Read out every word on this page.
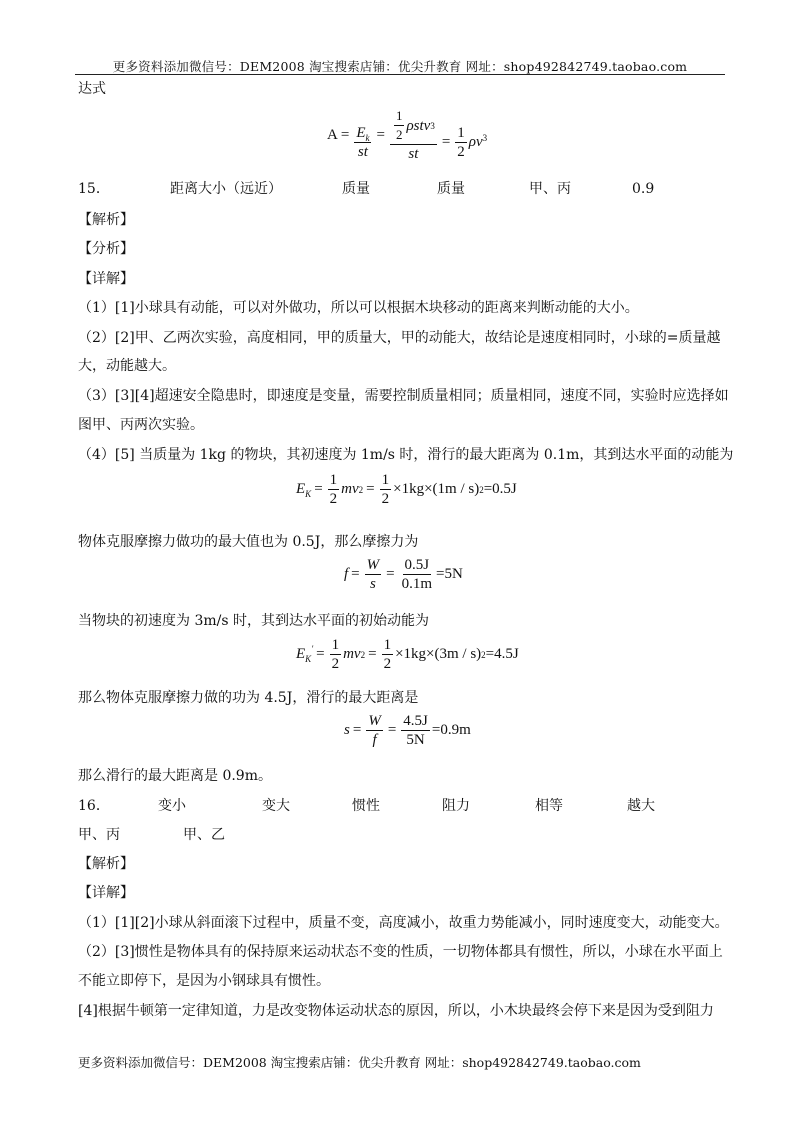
更多资料添加微信号：DEM2008 淘宝搜索店铺：优尖升教育 网址：shop492842749.taobao.com
达式
$A = \frac{E_k}{st} = \frac{\frac{1}{2} \rho stv 3}{st} = \frac{1}{2}$ ρv 3
15．	距离大小（远近）	质量	质量	甲、丙	0.9
【解析】
【分析】
【详解】
（1）[1]小球具有动能，可以对外做功，所以可以根据木块移动的距离来判断动能的大小。
（2）[2]甲、乙两次实验，高度相同，甲的质量大，甲的动能大，故结论是速度相同时，小球的=质量越
大，动能越大。
（3）[3][4]超速安全隐患时，即速度是变量，需要控制质量相同；质量相同，速度不同，实验时应选择如
图甲、丙两次实验。
（4）[5] 当质量为 1kg 的物块，其初速度为 1m/s 时，滑行的最大距离为 0.1m，其到达水平面的动能为
$E_K = \frac{1}{2}$ mv $2 = \frac{1}{2} \times 1kg\times (1m / s)$ 2 =0.5J
物体克服摩擦力做功的最大值也为 0.5J，那么摩擦力为
$f = \frac{W}{s} = \frac{0.5J}{0.1m} =5N$
当物块的初速度为 3m/s 时，其到达水平面的初始动能为
$E_K' = \frac{1}{2}$ mv $2 = \frac{1}{2} \times 1kg\times (3m / s)$ 2 =4.5J
那么物体克服摩擦力做的功为 4.5J，滑行的最大距离是
$s = \frac{W}{f} = \frac{4.5J}{5N} =0.9m$
那么滑行的最大距离是 0.9m。
16．	变小	变大	惯性	阻力	相等	越大
甲、丙	甲、乙
【解析】
【详解】
（1）[1][2]小球从斜面滚下过程中，质量不变，高度减小，故重力势能减小，同时速度变大，动能变大。
（2）[3]惯性是物体具有的保持原来运动状态不变的性质，一切物体都具有惯性，所以，小球在水平面上
不能立即停下，是因为小钢球具有惯性。
[4]根据牛顿第一定律知道，力是改变物体运动状态的原因，所以，小木块最终会停下来是因为受到阻力
更多资料添加微信号：DEM2008 淘宝搜索店铺：优尖升教育 网址：shop492842749.taobao.com
